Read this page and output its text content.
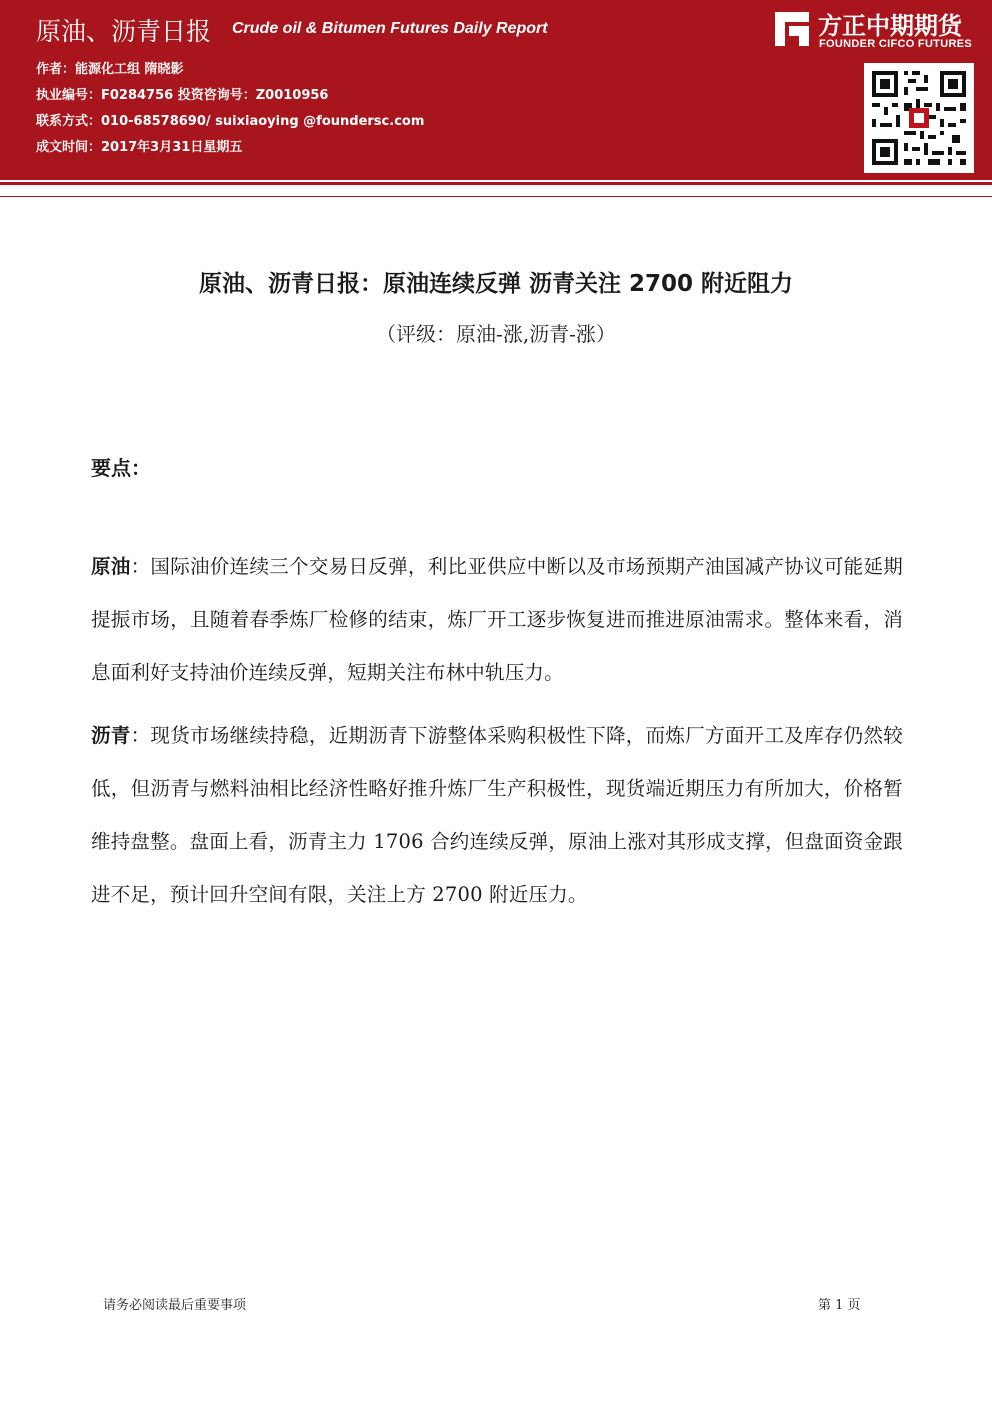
原油、沥青日报 Crude oil & Bitumen Futures Daily Report
作者：能源化工组 隋晓影
执业编号：F0284756 投资咨询号：Z0010956
联系方式：010-68578690/ suixiaoying @foundersc.com
成文时间：2017年3月31日星期五
方正中期期货
FOUNDER CIFCO FUTURES
原油、沥青日报：原油连续反弹 沥青关注 2700 附近阻力
（评级：原油-涨,沥青-涨）
要点：
原油：国际油价连续三个交易日反弹，利比亚供应中断以及市场预期产油国减产协议可能延期提振市场，且随着春季炼厂检修的结束，炼厂开工逐步恢复进而推进原油需求。整体来看，消息面利好支持油价连续反弹，短期关注布林中轨压力。
沥青：现货市场继续持稳，近期沥青下游整体采购积极性下降，而炼厂方面开工及库存仍然较低，但沥青与燃料油相比经济性略好推升炼厂生产积极性，现货端近期压力有所加大，价格暂维持盘整。盘面上看，沥青主力 1706 合约连续反弹，原油上涨对其形成支撑，但盘面资金跟进不足，预计回升空间有限，关注上方 2700 附近压力。
请务必阅读最后重要事项	第 1 页
